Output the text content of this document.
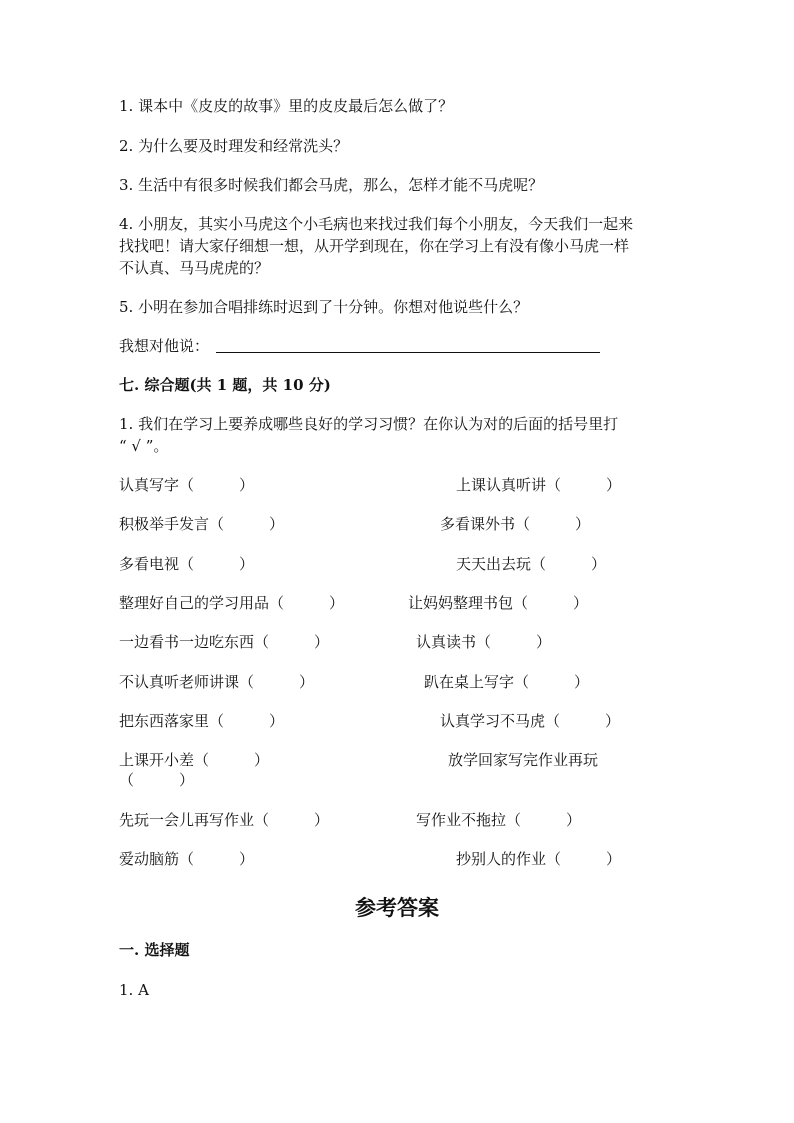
1. 课本中《皮皮的故事》里的皮皮最后怎么做了？
2. 为什么要及时理发和经常洗头？
3. 生活中有很多时候我们都会马虎，那么，怎样才能不马虎呢？
4. 小朋友，其实小马虎这个小毛病也来找过我们每个小朋友，今天我们一起来
找找吧！请大家仔细想一想，从开学到现在，你在学习上有没有像小马虎一样
不认真、马马虎虎的？
5. 小明在参加合唱排练时迟到了十分钟。你想对他说些什么？
我想对他说：
七. 综合题(共 1 题，共 10 分)
1. 我们在学习上要养成哪些良好的学习习惯？在你认为对的后面的括号里打
“ √ ”。
认真写字（　　　）	上课认真听讲（　　　）
积极举手发言（　　　）	多看课外书（　　　）
多看电视（　　　）	天天出去玩（　　　）
整理好自己的学习用品（　　　）	让妈妈整理书包（　　　）
一边看书一边吃东西（　　　）	认真读书（　　　）
不认真听老师讲课（　　　）	趴在桌上写字（　　　）
把东西落家里（　　　）	认真学习不马虎（　　　）
上课开小差（　　　）	放学回家写完作业再玩
（　　　）
先玩一会儿再写作业（　　　）	写作业不拖拉（　　　）
爱动脑筋（　　　）	抄别人的作业（　　　）
参考答案
一. 选择题
1. A
